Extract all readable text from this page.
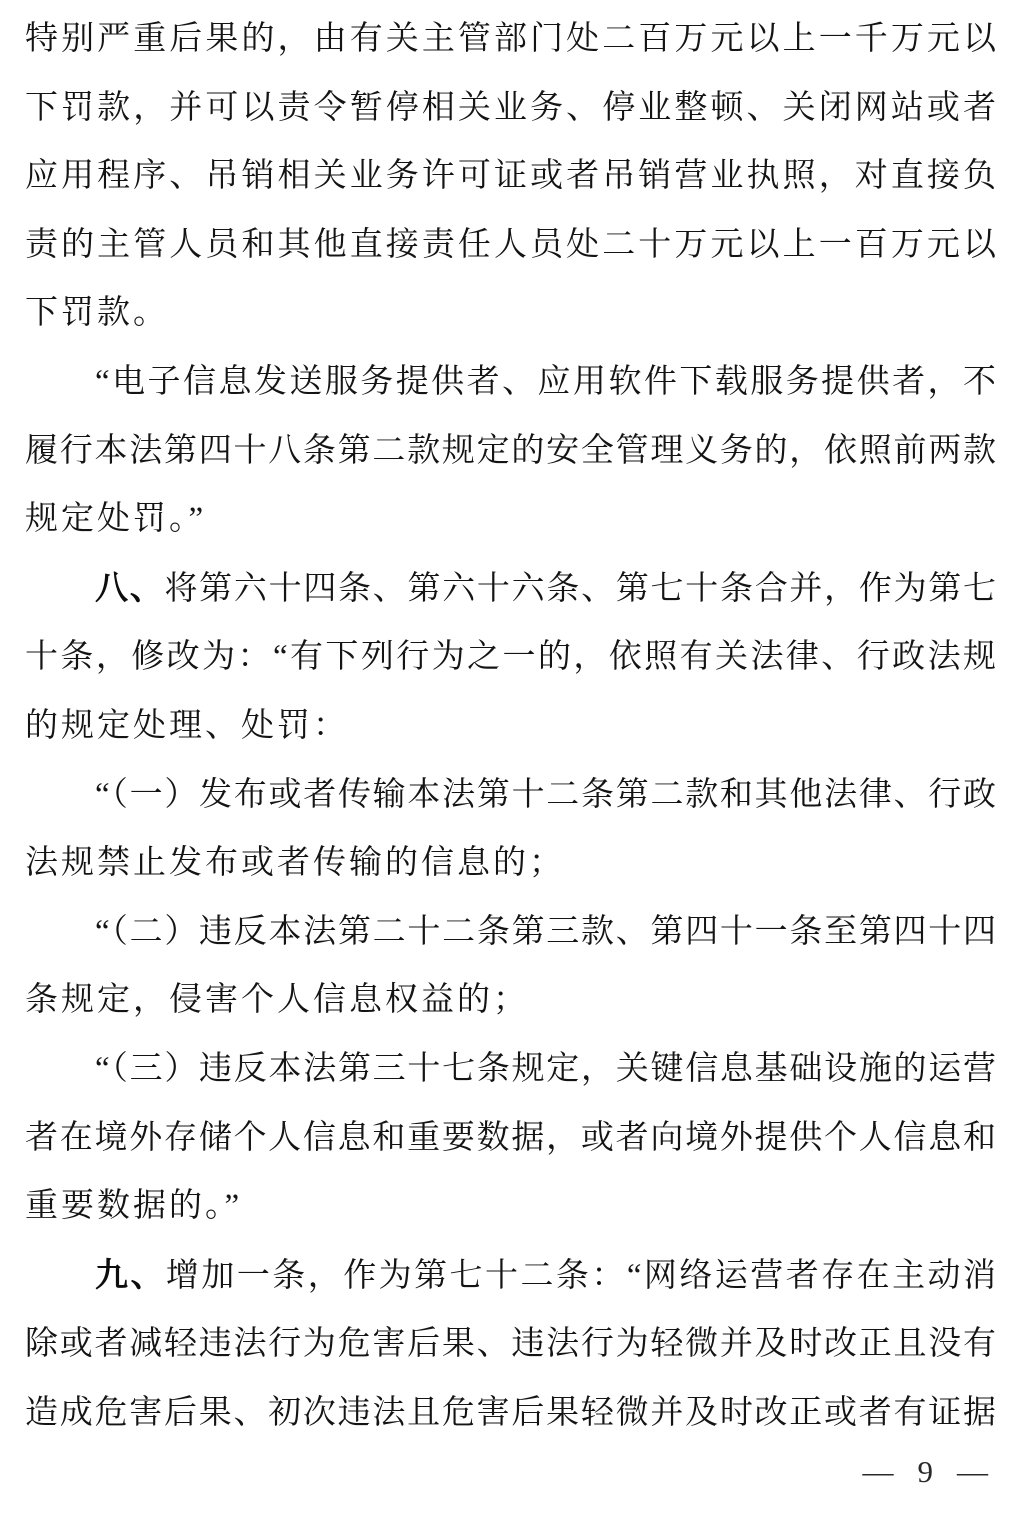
特别严重后果的，由有关主管部门处二百万元以上一千万元以
下罚款，并可以责令暂停相关业务、停业整顿、关闭网站或者
应用程序、吊销相关业务许可证或者吊销营业执照，对直接负
责的主管人员和其他直接责任人员处二十万元以上一百万元以
下罚款。
“电子信息发送服务提供者、应用软件下载服务提供者，不
履行本法第四十八条第二款规定的安全管理义务的，依照前两款
规定处罚。”
八、将第六十四条、第六十六条、第七十条合并，作为第七
十条，修改为：“有下列行为之一的，依照有关法律、行政法规
的规定处理、处罚：
“（一）发布或者传输本法第十二条第二款和其他法律、行政
法规禁止发布或者传输的信息的；
“（二）违反本法第二十二条第三款、第四十一条至第四十四
条规定，侵害个人信息权益的；
“（三）违反本法第三十七条规定，关键信息基础设施的运营
者在境外存储个人信息和重要数据，或者向境外提供个人信息和
重要数据的。”
九、增加一条，作为第七十二条：“网络运营者存在主动消
除或者减轻违法行为危害后果、违法行为轻微并及时改正且没有
造成危害后果、初次违法且危害后果轻微并及时改正或者有证据
— 9 —
